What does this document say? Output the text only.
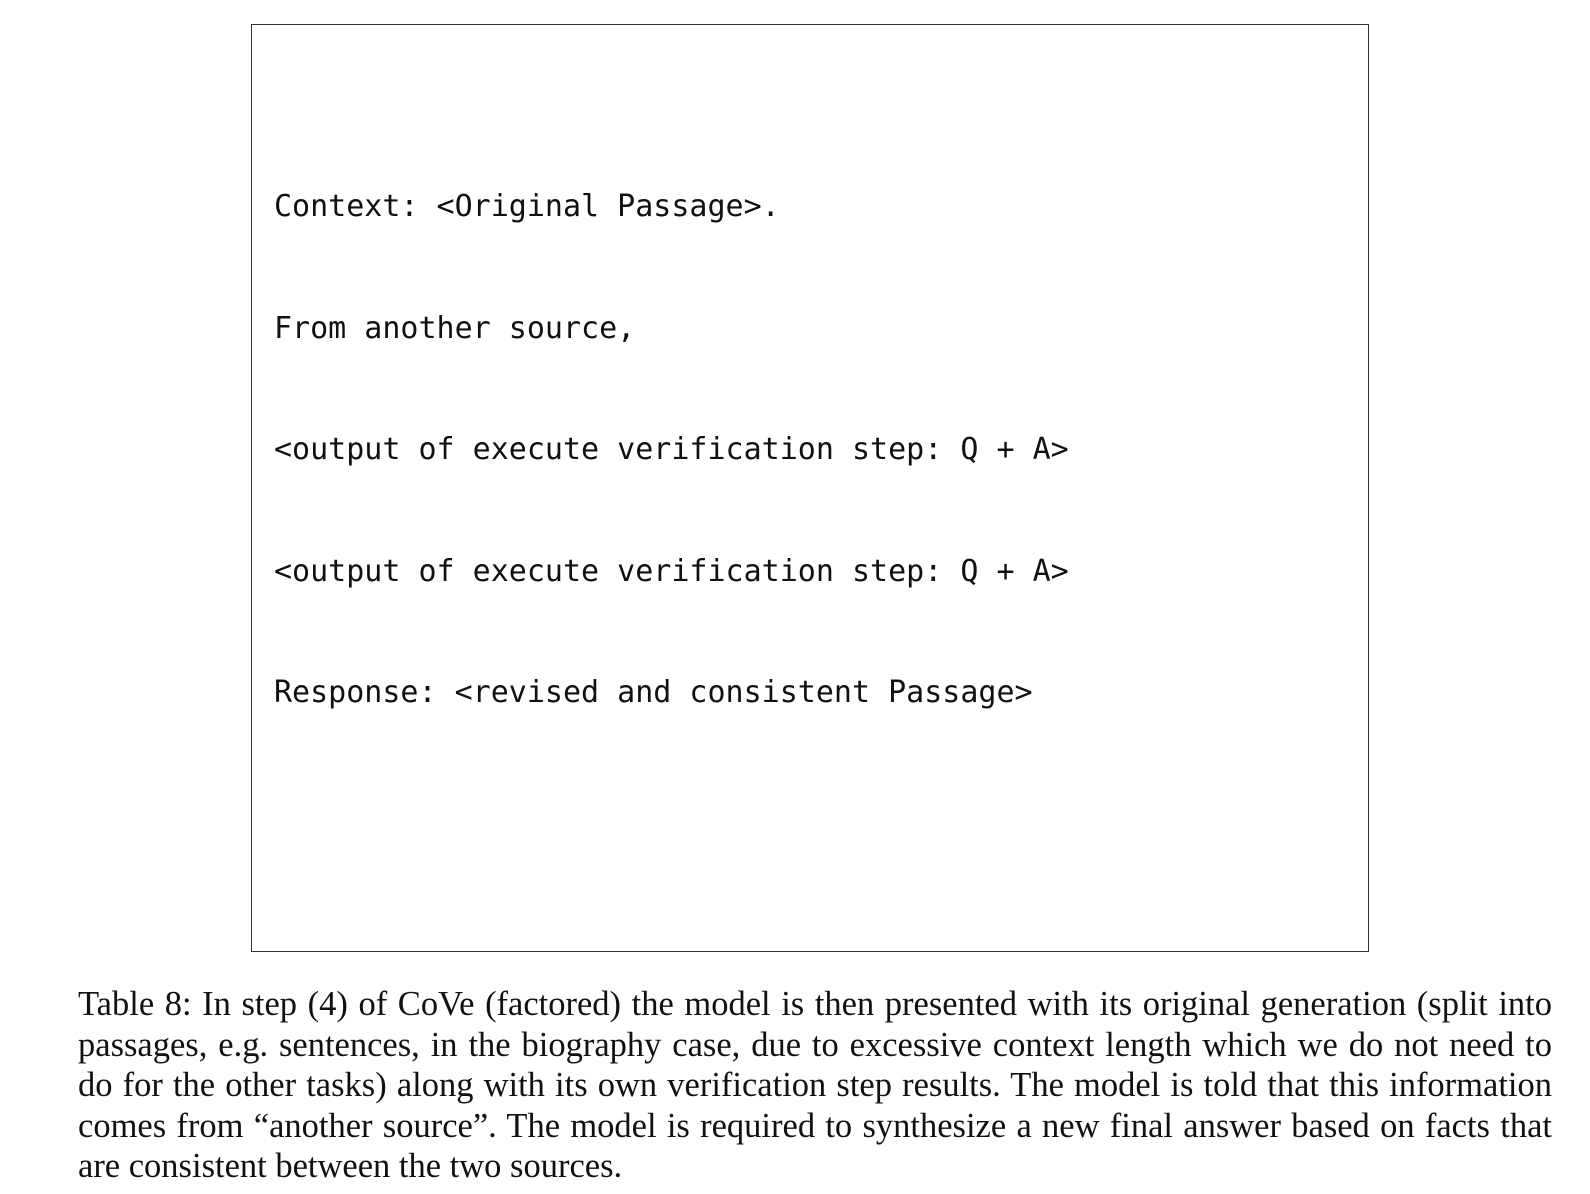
Context: <Original Passage>.

From another source,

<output of execute verification step: Q + A>

<output of execute verification step: Q + A>

Response: <revised and consistent Passage>

Table 8: In step (4) of CoVe (factored) the model is then presented with its original generation (split into passages, e.g. sentences, in the biography case, due to excessive context length which we do not need to do for the other tasks) along with its own verification step results. The model is told that this information comes from “another source”. The model is required to synthesize a new final answer based on facts that are consistent between the two sources.
